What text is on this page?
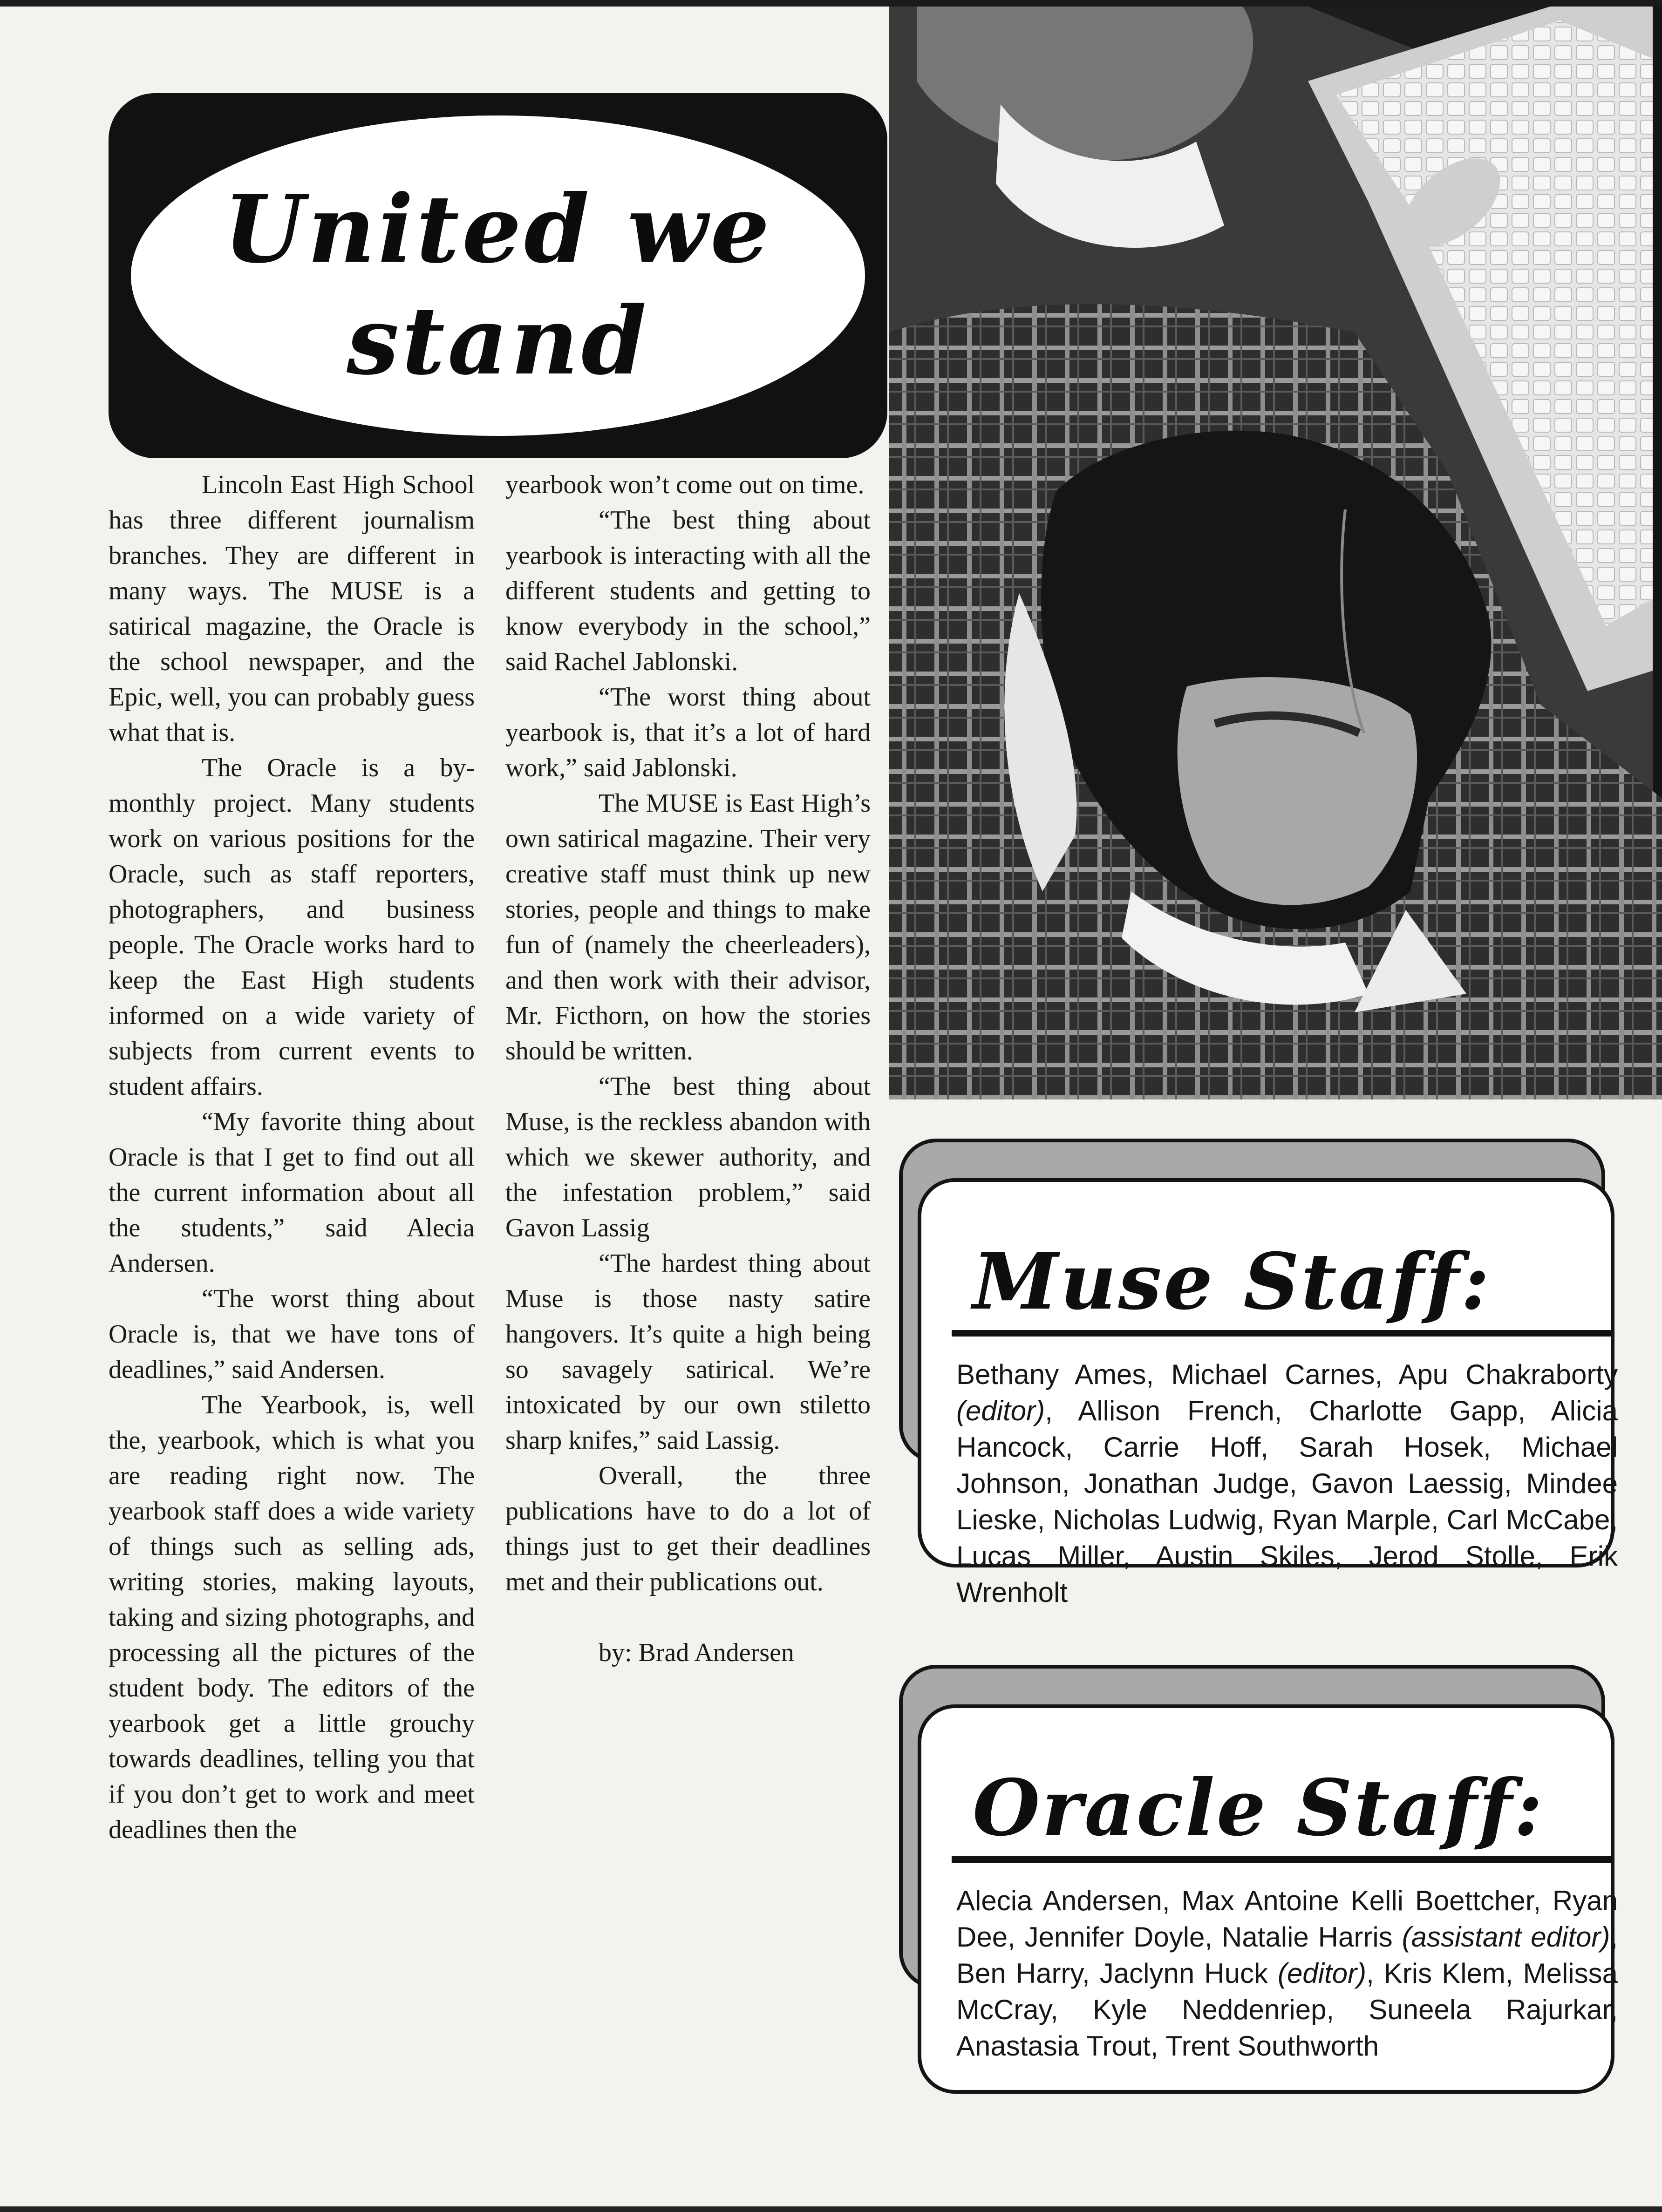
United we
stand

Lincoln East High School has three different journalism branches. They are different in many ways. The MUSE is a satirical magazine, the Oracle is the school newspaper, and the Epic, well, you can probably guess what that is.

The Oracle is a by-monthly project. Many students work on various positions for the Oracle, such as staff reporters, photographers, and business people. The Oracle works hard to keep the East High students informed on a wide variety of subjects from current events to student affairs.

“My favorite thing about Oracle is that I get to find out all the current information about all the students,” said Alecia Andersen.

“The worst thing about Oracle is, that we have tons of deadlines,” said Andersen.

The Yearbook, is, well the, yearbook, which is what you are reading right now. The yearbook staff does a wide variety of things such as selling ads, writing stories, making layouts, taking and sizing photographs, and processing all the pictures of the student body. The editors of the yearbook get a little grouchy towards deadlines, telling you that if you don’t get to work and meet deadlines then the

yearbook won’t come out on time.

“The best thing about yearbook is interacting with all the different students and getting to know everybody in the school,” said Rachel Jablonski.

“The worst thing about yearbook is, that it’s a lot of hard work,” said Jablonski.

The MUSE is East High’s own satirical magazine. Their very creative staff must think up new stories, people and things to make fun of (namely the cheerleaders), and then work with their advisor, Mr. Ficthorn, on how the stories should be written.

“The best thing about Muse, is the reckless abandon with which we skewer authority, and the infestation problem,” said Gavon Lassig

“The hardest thing about Muse is those nasty satire hangovers. It’s quite a high being so savagely satirical. We’re intoxicated by our own stiletto sharp knifes,” said Lassig.

Overall, the three publications have to do a lot of things just to get their deadlines met and their publications out.

by: Brad Andersen

Muse Staff:
Bethany Ames, Michael Carnes, Apu Chakraborty (editor), Allison French, Charlotte Gapp, Alicia Hancock, Carrie Hoff, Sarah Hosek, Michael Johnson, Jonathan Judge, Gavon Laessig, Mindee Lieske, Nicholas Ludwig, Ryan Marple, Carl McCabe, Lucas Miller, Austin Skiles, Jerod Stolle, Erik Wrenholt
Oracle Staff:
Alecia Andersen, Max Antoine Kelli Boettcher, Ryan Dee, Jennifer Doyle, Natalie Harris (assistant editor), Ben Harry, Jaclynn Huck (editor), Kris Klem, Melissa McCray, Kyle Neddenriep, Suneela Rajurkar, Anastasia Trout, Trent Southworth
